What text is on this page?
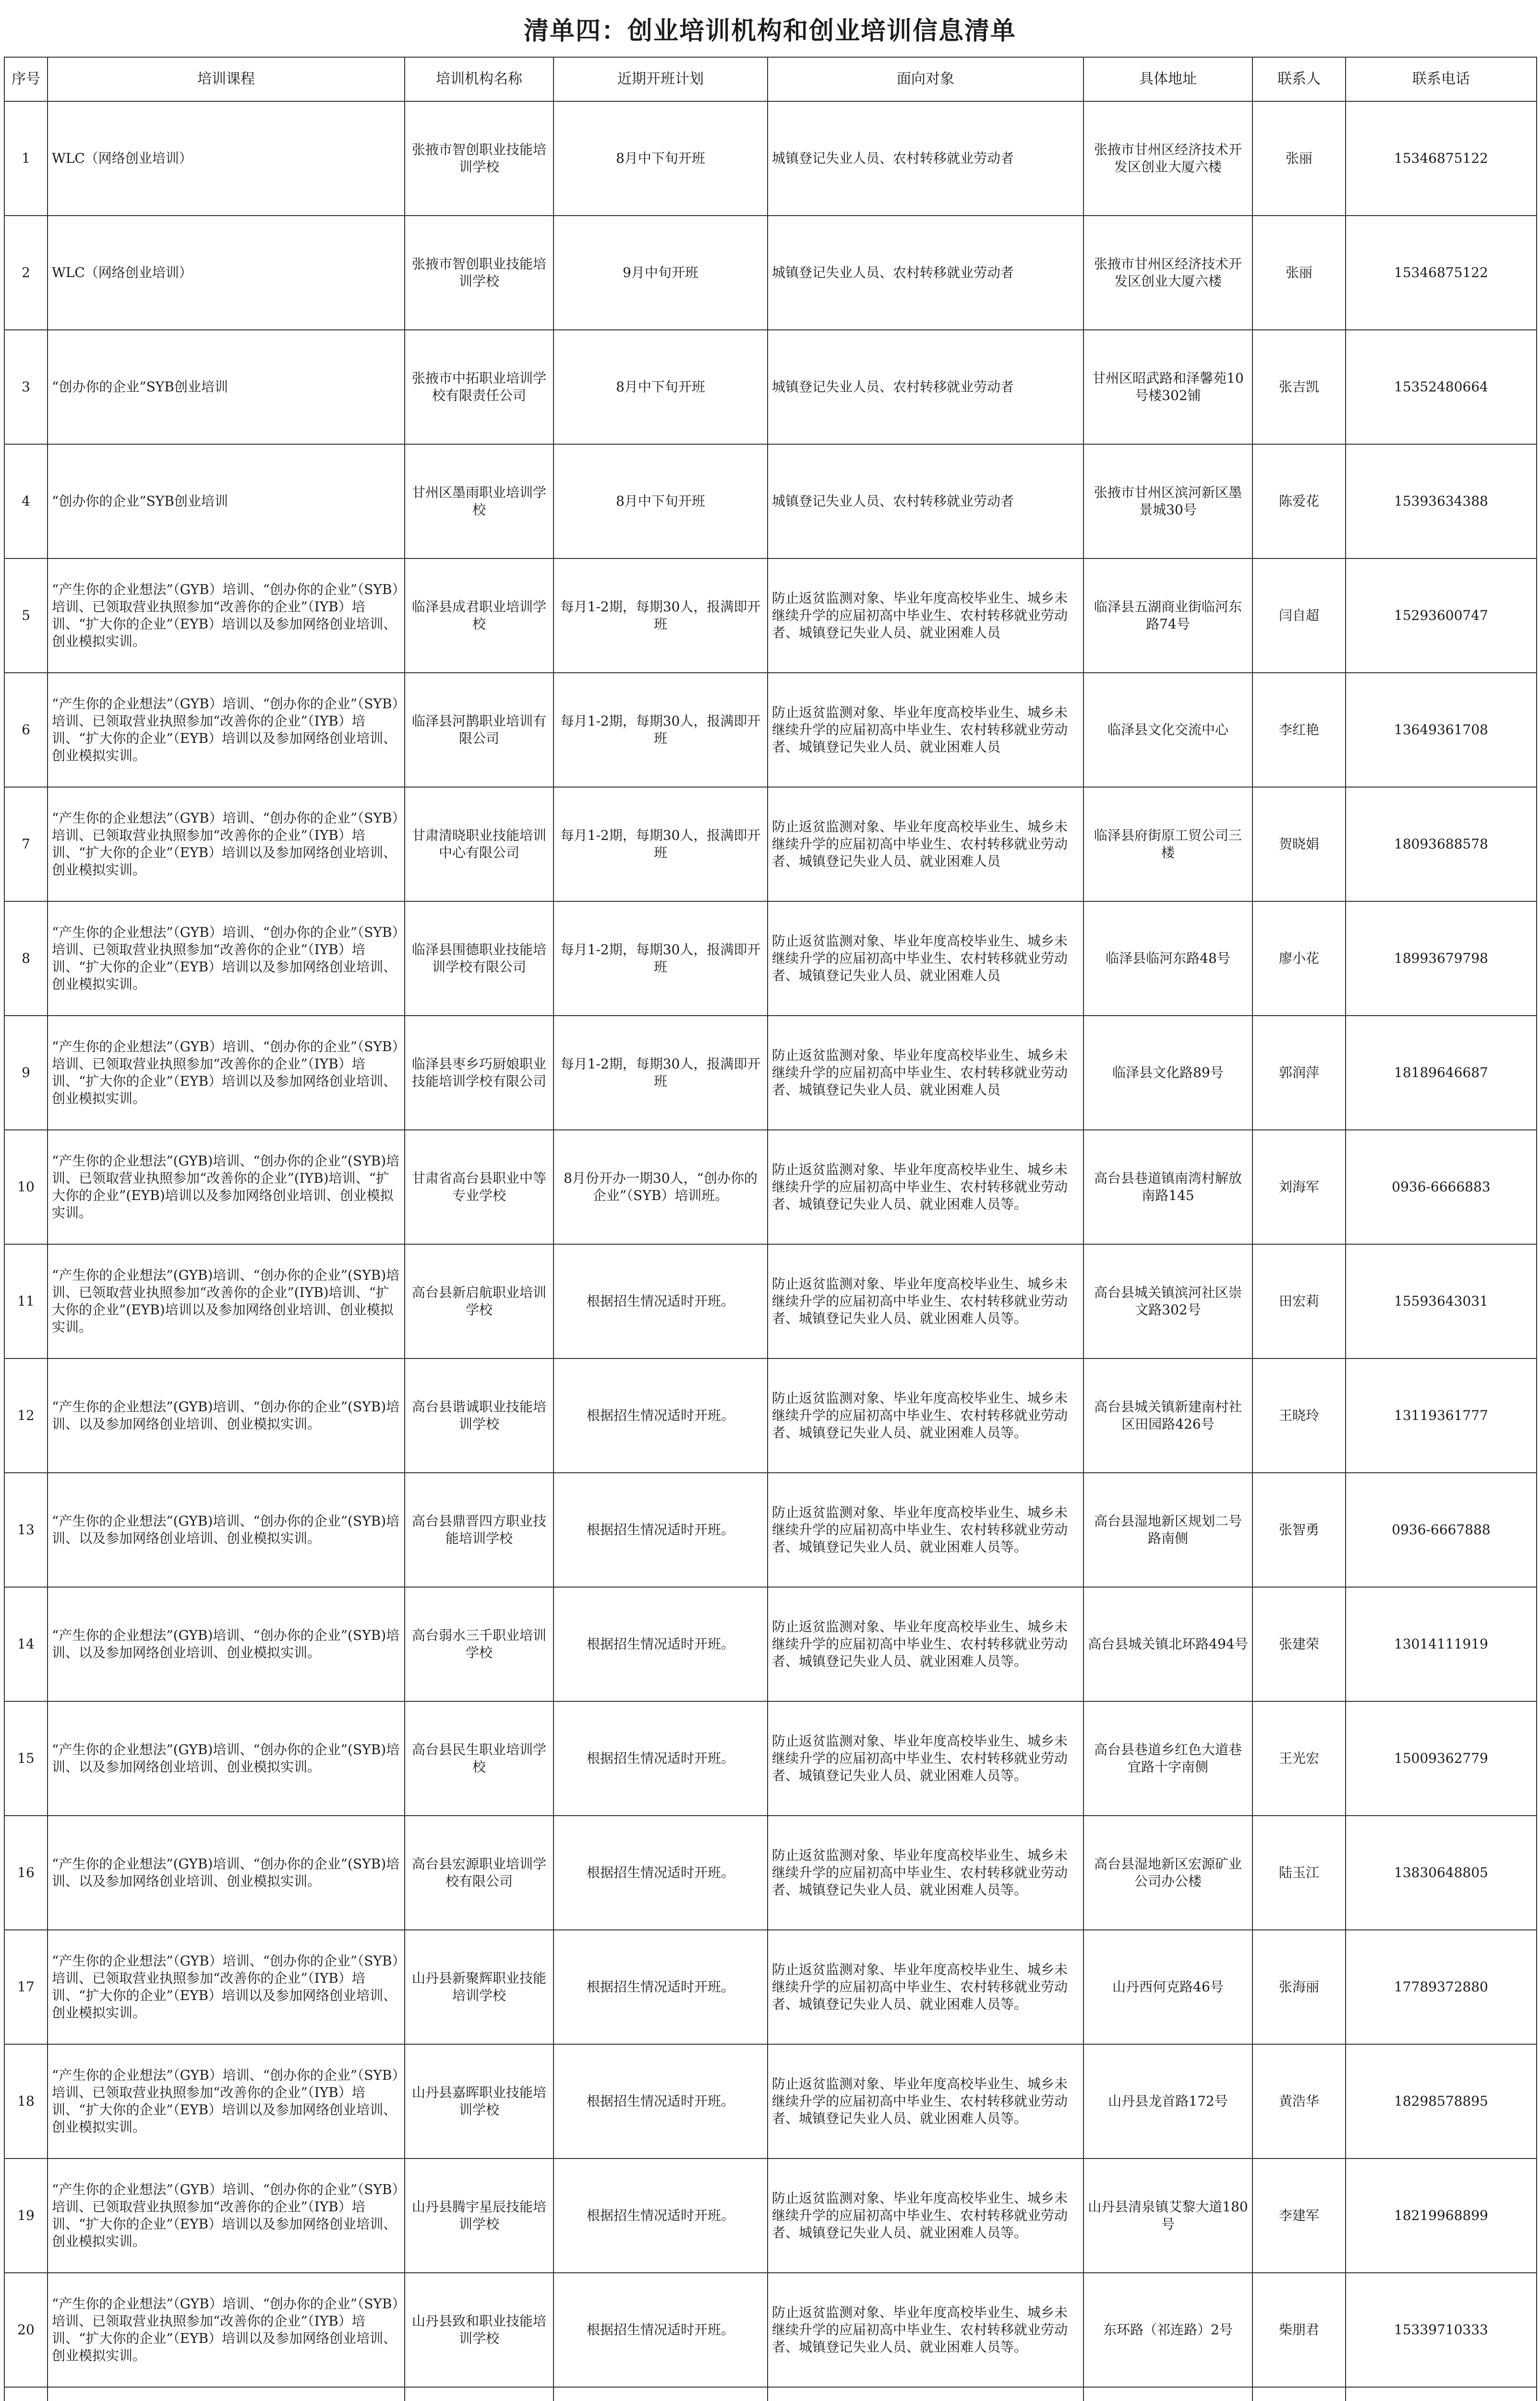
清单四：创业培训机构和创业培训信息清单
序号	培训课程	培训机构名称	近期开班计划	面向对象	具体地址	联系人	联系电话
1	WLC（网络创业培训）	张掖市智创职业技能培训学校	8月中下旬开班	城镇登记失业人员、农村转移就业劳动者	张掖市甘州区经济技术开发区创业大厦六楼	张丽	15346875122
2	WLC（网络创业培训）	张掖市智创职业技能培训学校	9月中旬开班	城镇登记失业人员、农村转移就业劳动者	张掖市甘州区经济技术开发区创业大厦六楼	张丽	15346875122
3	“创办你的企业”SYB创业培训	张掖市中拓职业培训学校有限责任公司	8月中下旬开班	城镇登记失业人员、农村转移就业劳动者	甘州区昭武路和泽馨苑10号楼302铺	张吉凯	15352480664
4	“创办你的企业”SYB创业培训	甘州区墨雨职业培训学校	8月中下旬开班	城镇登记失业人员、农村转移就业劳动者	张掖市甘州区滨河新区墨景城30号	陈爱花	15393634388
5	“产生你的企业想法”（GYB）培训、“创办你的企业”（SYB）培训、已领取营业执照参加“改善你的企业”（IYB）培训、“扩大你的企业”（EYB）培训以及参加网络创业培训、创业模拟实训。	临泽县成君职业培训学校	每月1-2期，每期30人，报满即开班	防止返贫监测对象、毕业年度高校毕业生、城乡未继续升学的应届初高中毕业生、农村转移就业劳动者、城镇登记失业人员、就业困难人员	临泽县五湖商业街临河东路74号	闫自超	15293600747
6	“产生你的企业想法”（GYB）培训、“创办你的企业”（SYB）培训、已领取营业执照参加“改善你的企业”（IYB）培训、“扩大你的企业”（EYB）培训以及参加网络创业培训、创业模拟实训。	临泽县河鹊职业培训有限公司	每月1-2期，每期30人，报满即开班	防止返贫监测对象、毕业年度高校毕业生、城乡未继续升学的应届初高中毕业生、农村转移就业劳动者、城镇登记失业人员、就业困难人员	临泽县文化交流中心	李红艳	13649361708
7	“产生你的企业想法”（GYB）培训、“创办你的企业”（SYB）培训、已领取营业执照参加“改善你的企业”（IYB）培训、“扩大你的企业”（EYB）培训以及参加网络创业培训、创业模拟实训。	甘肃清晓职业技能培训中心有限公司	每月1-2期，每期30人，报满即开班	防止返贫监测对象、毕业年度高校毕业生、城乡未继续升学的应届初高中毕业生、农村转移就业劳动者、城镇登记失业人员、就业困难人员	临泽县府街原工贸公司三楼	贺晓娟	18093688578
8	“产生你的企业想法”（GYB）培训、“创办你的企业”（SYB）培训、已领取营业执照参加“改善你的企业”（IYB）培训、“扩大你的企业”（EYB）培训以及参加网络创业培训、创业模拟实训。	临泽县围德职业技能培训学校有限公司	每月1-2期，每期30人，报满即开班	防止返贫监测对象、毕业年度高校毕业生、城乡未继续升学的应届初高中毕业生、农村转移就业劳动者、城镇登记失业人员、就业困难人员	临泽县临河东路48号	廖小花	18993679798
9	“产生你的企业想法”（GYB）培训、“创办你的企业”（SYB）培训、已领取营业执照参加“改善你的企业”（IYB）培训、“扩大你的企业”（EYB）培训以及参加网络创业培训、创业模拟实训。	临泽县枣乡巧厨娘职业技能培训学校有限公司	每月1-2期，每期30人，报满即开班	防止返贫监测对象、毕业年度高校毕业生、城乡未继续升学的应届初高中毕业生、农村转移就业劳动者、城镇登记失业人员、就业困难人员	临泽县文化路89号	郭润萍	18189646687
10	“产生你的企业想法”(GYB)培训、“创办你的企业”(SYB)培训、已领取营业执照参加“改善你的企业”(IYB)培训、“扩大你的企业”(EYB)培训以及参加网络创业培训、创业模拟实训。	甘肃省高台县职业中等专业学校	8月份开办一期30人，“创办你的企业”（SYB）培训班。	防止返贫监测对象、毕业年度高校毕业生、城乡未继续升学的应届初高中毕业生、农村转移就业劳动者、城镇登记失业人员、就业困难人员等。	高台县巷道镇南湾村解放南路145	刘海军	0936-6666883
11	“产生你的企业想法”(GYB)培训、“创办你的企业”(SYB)培训、已领取营业执照参加“改善你的企业”(IYB)培训、“扩大你的企业”(EYB)培训以及参加网络创业培训、创业模拟实训。	高台县新启航职业培训学校	根据招生情况适时开班。	防止返贫监测对象、毕业年度高校毕业生、城乡未继续升学的应届初高中毕业生、农村转移就业劳动者、城镇登记失业人员、就业困难人员等。	高台县城关镇滨河社区崇文路302号	田宏莉	15593643031
12	“产生你的企业想法”(GYB)培训、“创办你的企业”(SYB)培训、以及参加网络创业培训、创业模拟实训。	高台县谐诚职业技能培训学校	根据招生情况适时开班。	防止返贫监测对象、毕业年度高校毕业生、城乡未继续升学的应届初高中毕业生、农村转移就业劳动者、城镇登记失业人员、就业困难人员等。	高台县城关镇新建南村社区田园路426号	王晓玲	13119361777
13	“产生你的企业想法”(GYB)培训、“创办你的企业”(SYB)培训、以及参加网络创业培训、创业模拟实训。	高台县鼎晋四方职业技能培训学校	根据招生情况适时开班。	防止返贫监测对象、毕业年度高校毕业生、城乡未继续升学的应届初高中毕业生、农村转移就业劳动者、城镇登记失业人员、就业困难人员等。	高台县湿地新区规划二号路南侧	张智勇	0936-6667888
14	“产生你的企业想法”(GYB)培训、“创办你的企业”(SYB)培训、以及参加网络创业培训、创业模拟实训。	高台弱水三千职业培训学校	根据招生情况适时开班。	防止返贫监测对象、毕业年度高校毕业生、城乡未继续升学的应届初高中毕业生、农村转移就业劳动者、城镇登记失业人员、就业困难人员等。	高台县城关镇北环路494号	张建荣	13014111919
15	“产生你的企业想法”(GYB)培训、“创办你的企业”(SYB)培训、以及参加网络创业培训、创业模拟实训。	高台县民生职业培训学校	根据招生情况适时开班。	防止返贫监测对象、毕业年度高校毕业生、城乡未继续升学的应届初高中毕业生、农村转移就业劳动者、城镇登记失业人员、就业困难人员等。	高台县巷道乡红色大道巷宜路十字南侧	王光宏	15009362779
16	“产生你的企业想法”(GYB)培训、“创办你的企业”(SYB)培训、以及参加网络创业培训、创业模拟实训。	高台县宏源职业培训学校有限公司	根据招生情况适时开班。	防止返贫监测对象、毕业年度高校毕业生、城乡未继续升学的应届初高中毕业生、农村转移就业劳动者、城镇登记失业人员、就业困难人员等。	高台县湿地新区宏源矿业公司办公楼	陆玉江	13830648805
17	“产生你的企业想法”（GYB）培训、“创办你的企业”（SYB）培训、已领取营业执照参加“改善你的企业”（IYB）培训、“扩大你的企业”（EYB）培训以及参加网络创业培训、创业模拟实训。	山丹县新聚辉职业技能培训学校	根据招生情况适时开班。	防止返贫监测对象、毕业年度高校毕业生、城乡未继续升学的应届初高中毕业生、农村转移就业劳动者、城镇登记失业人员、就业困难人员等。	山丹西何克路46号	张海丽	17789372880
18	“产生你的企业想法”（GYB）培训、“创办你的企业”（SYB）培训、已领取营业执照参加“改善你的企业”（IYB）培训、“扩大你的企业”（EYB）培训以及参加网络创业培训、创业模拟实训。	山丹县嘉晖职业技能培训学校	根据招生情况适时开班。	防止返贫监测对象、毕业年度高校毕业生、城乡未继续升学的应届初高中毕业生、农村转移就业劳动者、城镇登记失业人员、就业困难人员等。	山丹县龙首路172号	黄浩华	18298578895
19	“产生你的企业想法”（GYB）培训、“创办你的企业”（SYB）培训、已领取营业执照参加“改善你的企业”（IYB）培训、“扩大你的企业”（EYB）培训以及参加网络创业培训、创业模拟实训。	山丹县腾宇星辰技能培训学校	根据招生情况适时开班。	防止返贫监测对象、毕业年度高校毕业生、城乡未继续升学的应届初高中毕业生、农村转移就业劳动者、城镇登记失业人员、就业困难人员等。	山丹县清泉镇艾黎大道180号	李建军	18219968899
20	“产生你的企业想法”（GYB）培训、“创办你的企业”（SYB）培训、已领取营业执照参加“改善你的企业”（IYB）培训、“扩大你的企业”（EYB）培训以及参加网络创业培训、创业模拟实训。	山丹县致和职业技能培训学校	根据招生情况适时开班。	防止返贫监测对象、毕业年度高校毕业生、城乡未继续升学的应届初高中毕业生、农村转移就业劳动者、城镇登记失业人员、就业困难人员等。	东环路（祁连路）2号	柴朋君	15339710333
